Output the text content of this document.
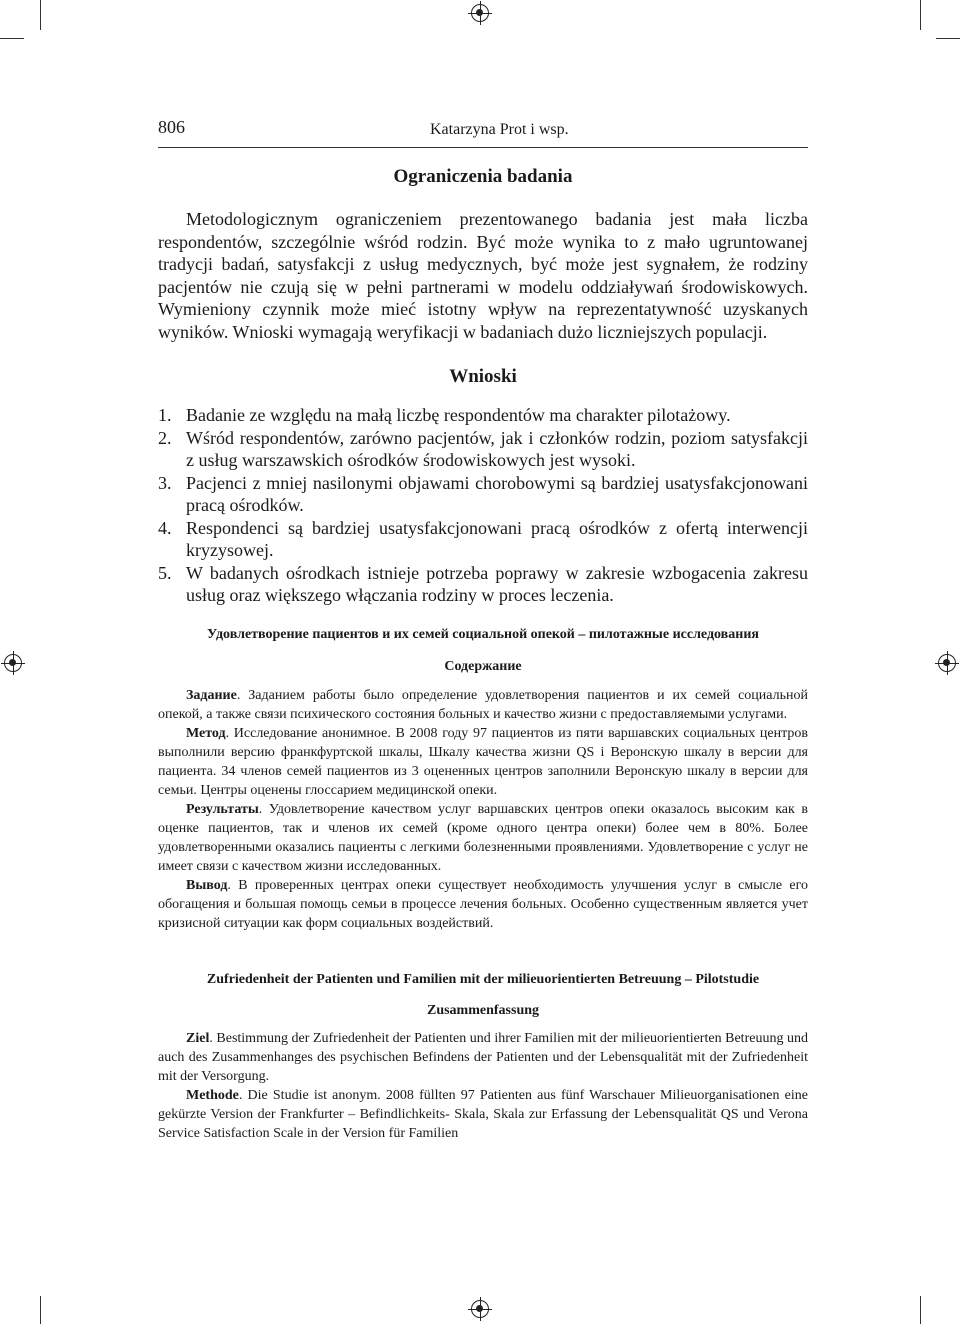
806	Katarzyna Prot i wsp.
Ograniczenia badania

Metodologicznym ograniczeniem prezentowanego badania jest mała liczba respondentów, szczególnie wśród rodzin. Być może wynika to z mało ugruntowanej tradycji badań, satysfakcji z usług medycznych, być może jest sygnałem, że rodziny pacjentów nie czują się w pełni partnerami w modelu oddziaływań środowiskowych. Wymieniony czynnik może mieć istotny wpływ na reprezentatywność uzyskanych wyników. Wnioski wymagają weryfikacji w badaniach dużo liczniejszych populacji.

Wnioski
1. Badanie ze względu na małą liczbę respondentów ma charakter pilotażowy.
2. Wśród respondentów, zarówno pacjentów, jak i członków rodzin, poziom satysfakcji z usług warszawskich ośrodków środowiskowych jest wysoki.
3. Pacjenci z mniej nasilonymi objawami chorobowymi są bardziej usatysfakcjonowani pracą ośrodków.
4. Respondenci są bardziej usatysfakcjonowani pracą ośrodków z ofertą interwencji kryzysowej.
5. W badanych ośrodkach istnieje potrzeba poprawy w zakresie wzbogacenia zakresu usług oraz większego włączania rodziny w proces leczenia.
Удовлетворение пациентов и их семей социальной опекой – пилотажные исследования
Содержание

Задание. Заданием работы было определение удовлетворения пациентов и их семей социальной опекой, а также связи психического состояния больных и качество жизни с предоставляемыми услугами.

Метод. Исследование анонимное. В 2008 году 97 пациентов из пяти варшавских социальных центров выполнили версию франкфуртской шкалы, Шкалу качества жизни QS i Веронскую шкалу в версии для пациента. 34 членов семей пациентов из 3 оцененных центров заполнили Веронскую шкалу в версии для семьи. Центры оценены глоссарием медицинской опеки.

Результаты. Удовлетворение качеством услуг варшавских центров опеки оказалось высоким как в оценке пациентов, так и членов их семей (кроме одного центра опеки) более чем в 80%. Более удовлетворенными оказались пациенты с легкими болезненными проявлениями. Удовлетворение с услуг не имеет связи с качеством жизни исследованных.

Вывод. В проверенных центрах опеки существует необходимость улучшения услуг в смысле его обогащения и большая помощь семьи в процессе лечения больных. Особенно существенным является учет кризисной ситуации как форм социальных воздействий.

Zufriedenheit der Patienten und Familien mit der milieuorientierten Betreuung – Pilotstudie
Zusammenfassung

Ziel. Bestimmung der Zufriedenheit der Patienten und ihrer Familien mit der milieuorientierten Betreuung und auch des Zusammenhanges des psychischen Befindens der Patienten und der Lebensqualität mit der Zufriedenheit mit der Versorgung.

Methode. Die Studie ist anonym. 2008 füllten 97 Patienten aus fünf Warschauer Milieuorganisationen eine gekürzte Version der Frankfurter – Befindlichkeits- Skala, Skala zur Erfassung der Lebensqualität QS und Verona Service Satisfaction Scale in der Version für Familien
